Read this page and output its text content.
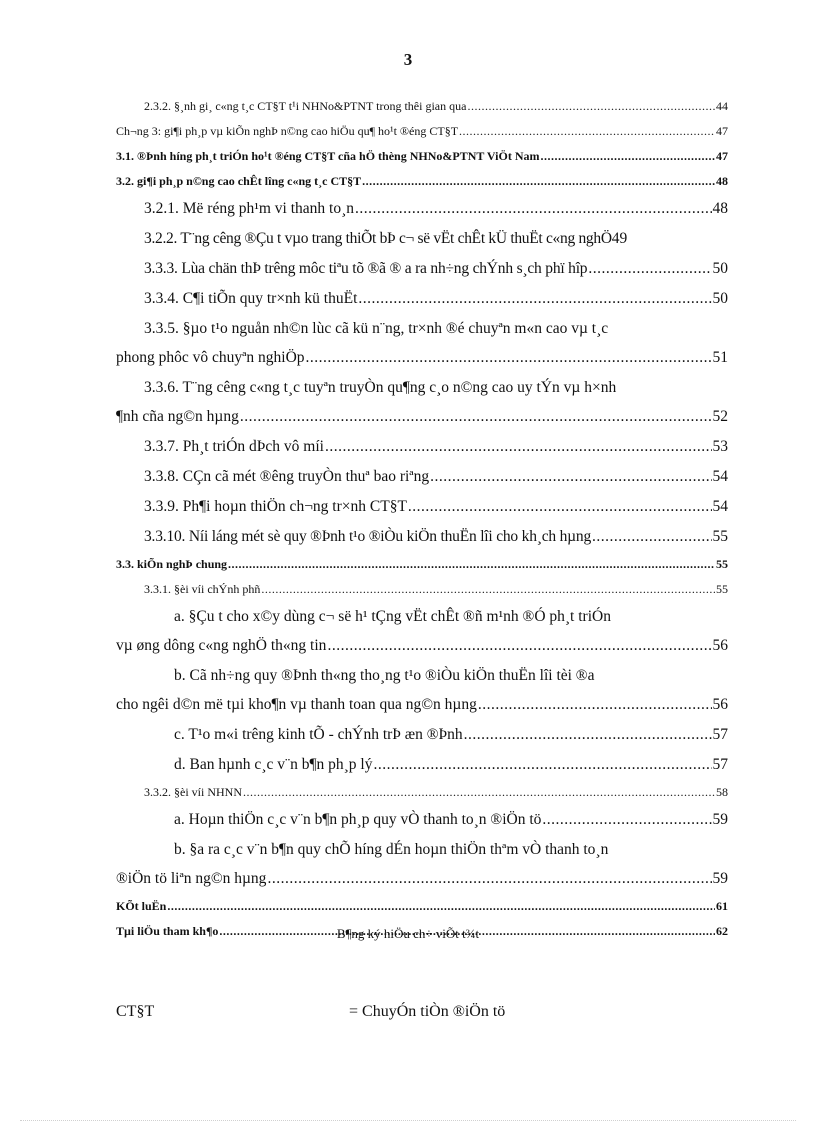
3
2.3.2. §¸nh gi¸ c«ng t¸c CT§T t¹i NHNo&PTNT trong thêi gian qua .....	44
Ch¬ng 3: gi¶i ph¸p vµ kiÕn nghÞ n©ng cao hiÖu qu¶ ho¹t ®éng CT§T .....	47
3.1. ®Þnh híng ph¸t triÓn ho¹t ®éng CT§T cña hÖ thèng NHNo&PTNT ViÖt Nam .....	47
3.2. gi¶i ph¸p n©ng cao chÊt lîng c«ng t¸c CT§T .....	48
3.2.1. Më réng ph¹m vi thanh to¸n .....	48
3.2.2. T¨ng cêng ®Çu t vµo trang thiÕt bÞ c¬ së vËt chÊt kÜ thuËt c«ng nghÖ 49
3.3.3. Lùa chän thÞ trêng môc tiªu tõ ®ã ® a ra nh÷ng chÝnh s¸ch phï hîp .....	50
3.3.4. C¶i tiÕn quy tr×nh kü thuËt .....	50
3.3.5. §µo t¹o nguån nh©n lùc cã kü n¨ng, tr×nh ®é chuyªn m«n cao vµ t¸c
phong phôc vô chuyªn nghiÖp .....	51
3.3.6. T¨ng cêng c«ng t¸c tuyªn truyÒn qu¶ng c¸o n©ng cao uy tÝn vµ h×nh
¶nh cña ng©n hµng .....	52
3.3.7. Ph¸t triÓn dÞch vô míi .....	53
3.3.8. CÇn cã mét ®êng truyÒn thuª bao riªng .....	54
3.3.9. Ph¶i hoµn thiÖn ch¬ng tr×nh CT§T .....	54
3.3.10. Níi láng mét sè quy ®Þnh t¹o ®iÒu kiÖn thuËn lîi cho kh¸ch hµng .....	55
3.3. kiÕn nghÞ chung .....	55
3.3.1. §èi víi chÝnh phñ .....	55
a. §Çu t cho x©y dùng c¬ së h¹ tÇng vËt chÊt ®ñ m¹nh ®Ó ph¸t triÓn
vµ øng dông c«ng nghÖ th«ng tin .....	56
b. Cã nh÷ng quy ®Þnh th«ng tho¸ng t¹o ®iÒu kiÖn thuËn lîi tèi ®a
cho ngêi d©n më tµi kho¶n vµ thanh toan qua ng©n hµng .....	56
c. T¹o m«i trêng kinh tÕ - chÝnh trÞ æn ®Þnh .....	57
d. Ban hµnh c¸c v¨n b¶n ph¸p lý .....	57
3.3.2. §èi víi NHNN .....	58
a. Hoµn thiÖn c¸c v¨n b¶n ph¸p quy vÒ thanh to¸n ®iÖn tö .....	59
b. §a ra c¸c v¨n b¶n quy chÕ híng dÉn hoµn thiÖn thªm vÒ thanh to¸n
®iÖn tö liªn ng©n hµng .....	59
KÕt luËn .....	61
Tµi liÖu tham kh¶o .....	62
B¶ng ký hiÖu ch÷ viÕt t¾t
CT§T	= ChuyÓn tiÒn ®iÖn tö
